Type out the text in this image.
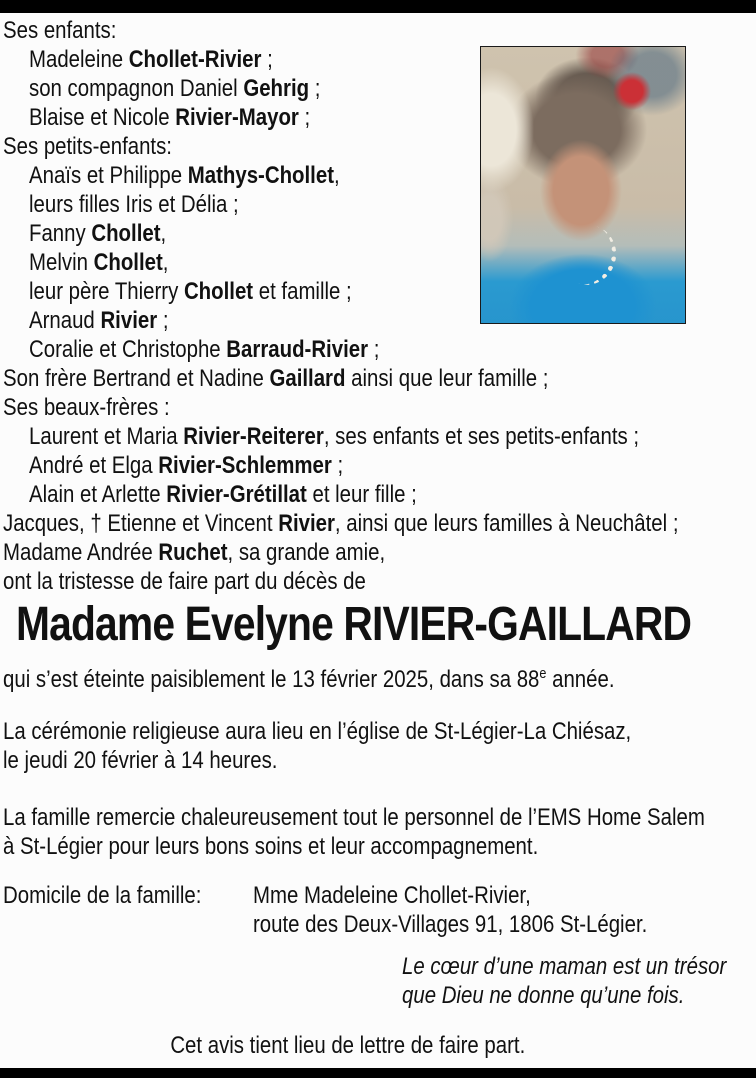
Ses enfants:
Madeleine Chollet-Rivier ;
son compagnon Daniel Gehrig ;
Blaise et Nicole Rivier-Mayor ;
Ses petits-enfants:
Anaïs et Philippe Mathys-Chollet,
leurs filles Iris et Délia ;
Fanny Chollet,
Melvin Chollet,
leur père Thierry Chollet et famille ;
Arnaud Rivier ;
Coralie et Christophe Barraud-Rivier ;
Son frère Bertrand et Nadine Gaillard ainsi que leur famille ;
Ses beaux-frères :
Laurent et Maria Rivier-Reiterer, ses enfants et ses petits-enfants ;
André et Elga Rivier-Schlemmer ;
Alain et Arlette Rivier-Grétillat et leur fille ;
Jacques, † Etienne et Vincent Rivier, ainsi que leurs familles à Neuchâtel ;
Madame Andrée Ruchet, sa grande amie,
ont la tristesse de faire part du décès de
Madame Evelyne RIVIER-GAILLARD
qui s’est éteinte paisiblement le 13 février 2025, dans sa 88e année.
La cérémonie religieuse aura lieu en l’église de St-Légier-La Chiésaz,
le jeudi 20 février à 14 heures.
La famille remercie chaleureusement tout le personnel de l’EMS Home Salem
à St-Légier pour leurs bons soins et leur accompagnement.
Domicile de la famille:	Mme Madeleine Chollet-Rivier,
route des Deux-Villages 91, 1806 St-Légier.
Le cœur d’une maman est un trésor
que Dieu ne donne qu’une fois.
Cet avis tient lieu de lettre de faire part.
